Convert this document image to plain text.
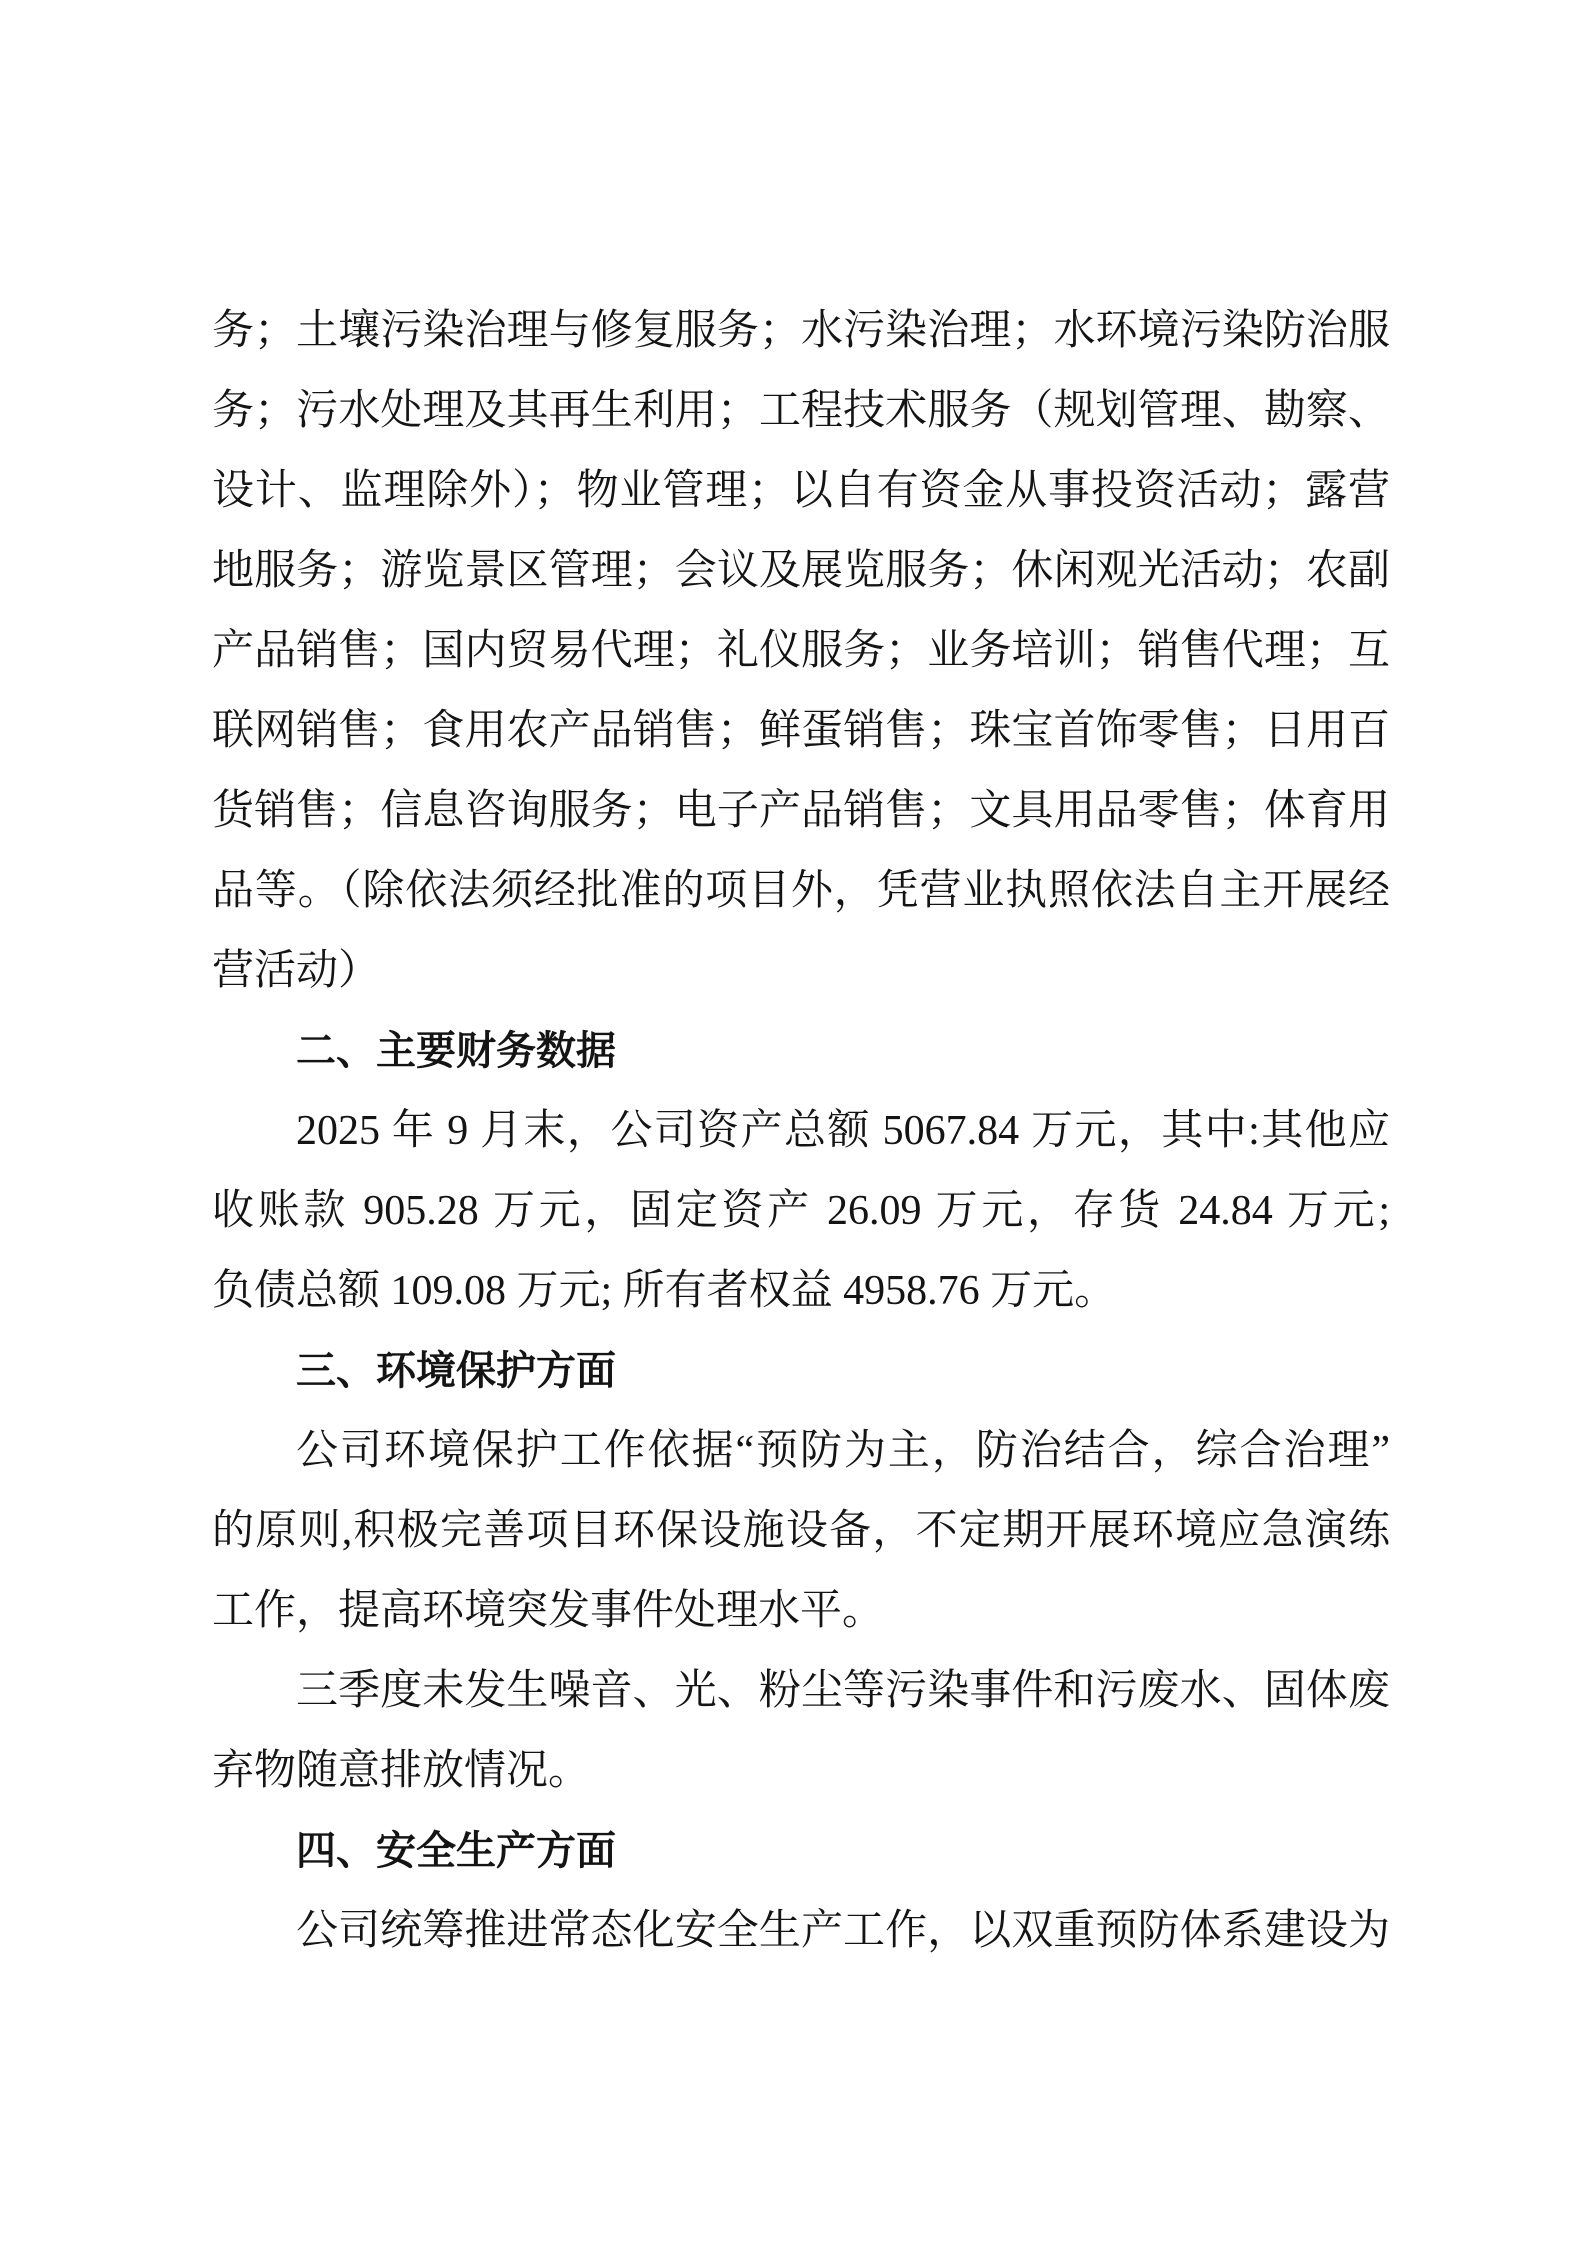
务；土壤污染治理与修复服务；水污染治理；水环境污染防治服
务；污水处理及其再生利用；工程技术服务（规划管理、勘察、
设计、监理除外）；物业管理；以自有资金从事投资活动；露营
地服务；游览景区管理；会议及展览服务；休闲观光活动；农副
产品销售；国内贸易代理；礼仪服务；业务培训；销售代理；互
联网销售；食用农产品销售；鲜蛋销售；珠宝首饰零售；日用百
货销售；信息咨询服务；电子产品销售；文具用品零售；体育用
品等。（除依法须经批准的项目外，凭营业执照依法自主开展经
营活动）
二、主要财务数据
2025 年 9 月末，公司资产总额 5067.84 万元，其中:其他应
收账款 905.28 万元，固定资产 26.09 万元，存货 24.84 万元;
负债总额 109.08 万元; 所有者权益 4958.76 万元。
三、环境保护方面
公司环境保护工作依据“预防为主，防治结合，综合治理”
的原则,积极完善项目环保设施设备，不定期开展环境应急演练
工作，提高环境突发事件处理水平。
三季度未发生噪音、光、粉尘等污染事件和污废水、固体废
弃物随意排放情况。
四、安全生产方面
公司统筹推进常态化安全生产工作，以双重预防体系建设为
